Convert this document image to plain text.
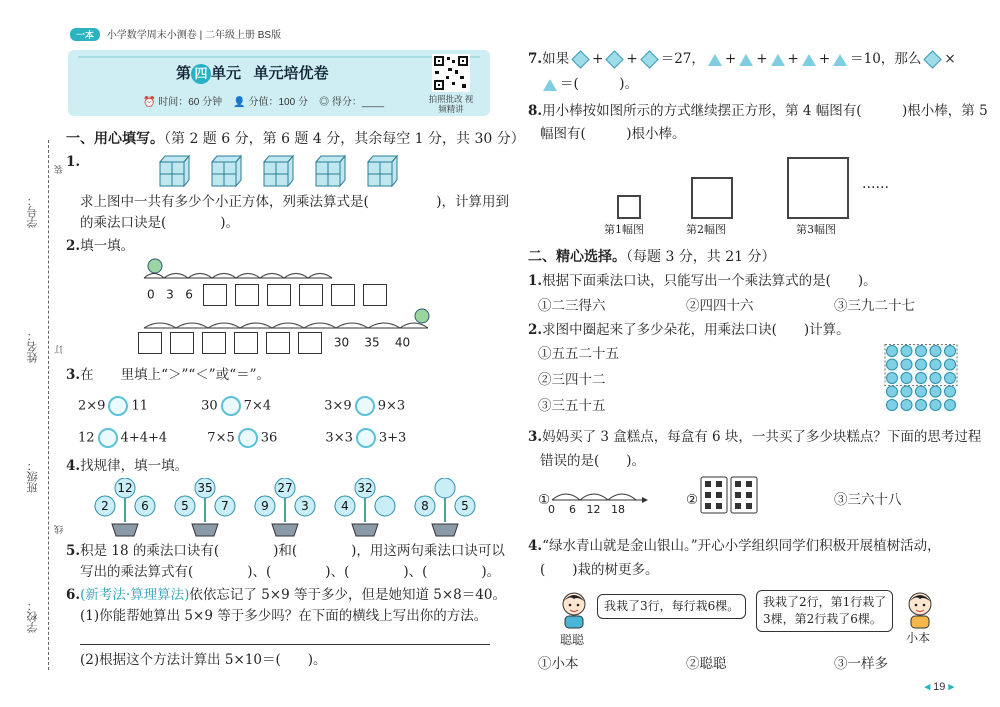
一本 小学数学周末小测卷 | 二年级上册 BS版
第 四 单元 单元培优卷
⏰ 时间：60 分钟 👤 分值：100 分 ◎ 得分：____	拍照批改 视频精讲
学校：
班级：
姓名：
学号：
线
订
装
一、用心填写。（第 2 题 6 分，第 6 题 4 分，其余每空 1 分，共 30 分）
1.
求上图中一共有多少个小正方体，列乘法算式是(　　　　　)，计算用到
的乘法口诀是(　　　　)。
2.填一填。
0 3 6
30 35 40
3.在　　里填上“＞”“＜”或“＝”。
2×9 11	30 7×4	3×9 9×3
12 4+4+4	7×5 36	3×3 3+3
4.找规律，填一填。
12
2	6
35
5	7
27
9	3
32
4	8	5
5.积是 18 的乘法口诀有(　　　　)和(　　　　)，用这两句乘法口诀可以
写出的乘法算式有(　　　　)、(　　　　)、(　　　　)、(　　　　)。
6.(新考法·算理算法)依依忘记了 5×9 等于多少，但是她知道 5×8＝40。
(1)你能帮她算出 5×9 等于多少吗？在下面的横线上写出你的方法。
(2)根据这个方法计算出 5×10＝(　　)。
7.如果 + + ＝27， + + + + ＝10，那么 ×
＝(　　　)。
8.用小棒按如图所示的方式继续摆正方形，第 4 幅图有(　　　)根小棒，第 5
幅图有(　　　)根小棒。
……
第1幅图	第2幅图	第3幅图
二、精心选择。（每题 3 分，共 21 分）
1.根据下面乘法口诀，只能写出一个乘法算式的是(　　)。
①二三得六	②四四十六	③三九二十七
2.求图中圈起来了多少朵花，用乘法口诀(　　)计算。
①五五二十五
②三四十二
③三五十五
3.妈妈买了 3 盒糕点，每盒有 6 块，一共买了多少块糕点？下面的思考过程
错误的是(　　)。
①
0 6 12 18
②	③三六十八
4.“绿水青山就是金山银山。”开心小学组织同学们积极开展植树活动，
(　　)栽的树更多。
我栽了3行，每行栽6棵。
聪聪
我栽了2行，第1行栽了
3棵，第2行栽了6棵。
小本
①小本	②聪聪	③一样多
◂ 19 ▸
